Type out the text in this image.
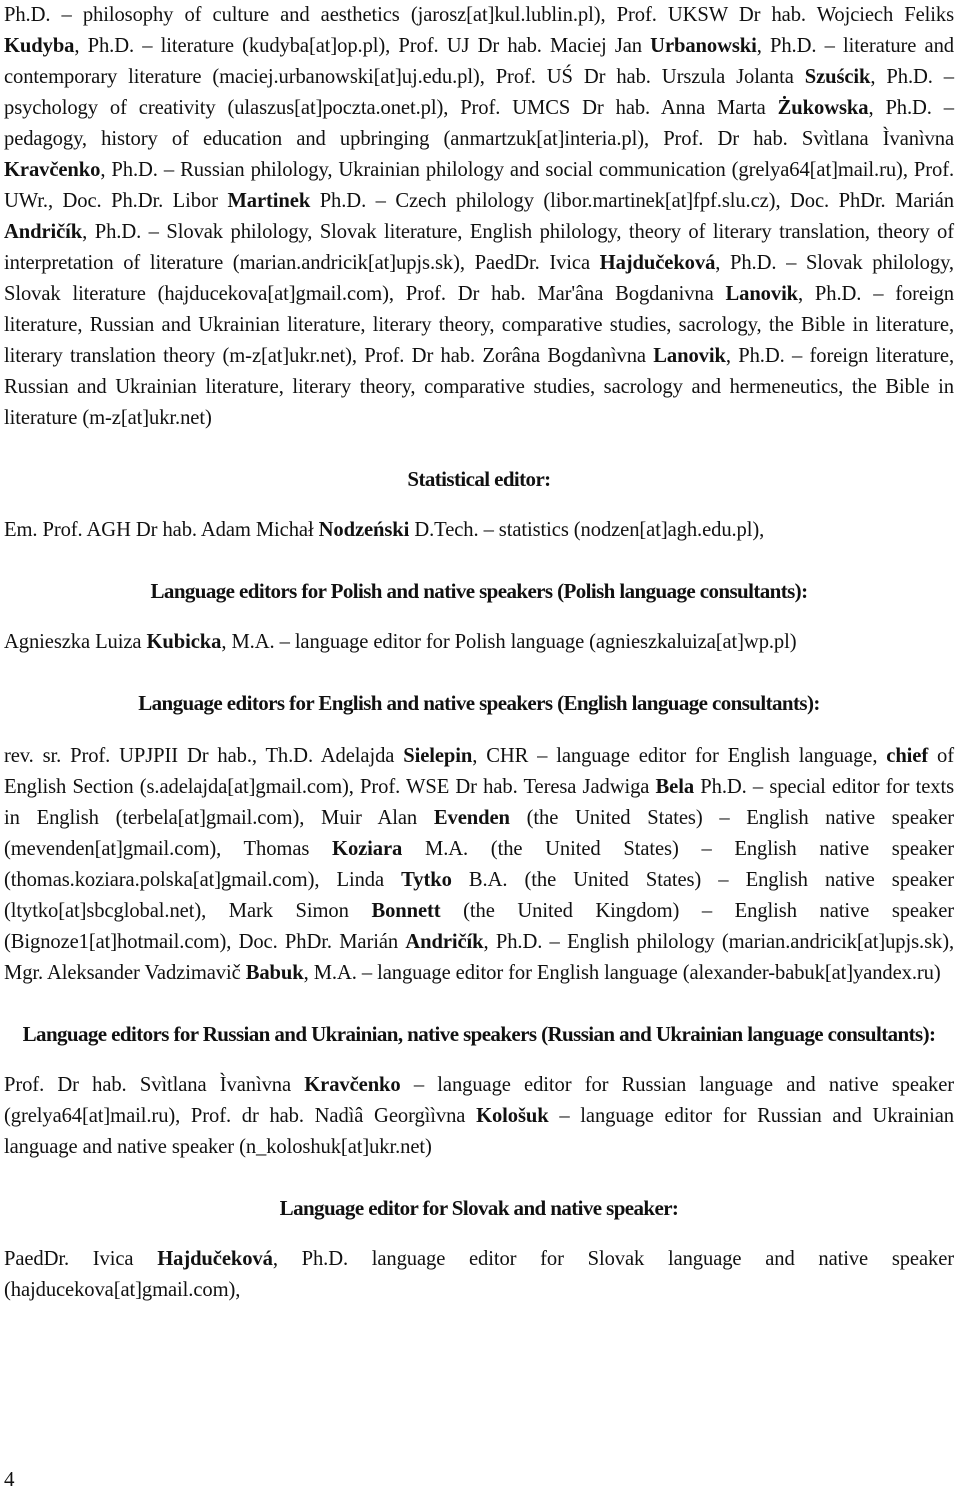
Ph.D. – philosophy of culture and aesthetics (jarosz[at]kul.lublin.pl), Prof. UKSW Dr hab. Wojciech Feliks Kudyba, Ph.D. – literature (kudyba[at]op.pl), Prof. UJ Dr hab. Maciej Jan Urbanowski, Ph.D. – literature and contemporary literature (maciej.urbanowski[at]uj.edu.pl), Prof. UŚ Dr hab. Urszula Jolanta Szuścik, Ph.D. – psychology of creativity (ulaszus[at]poczta.onet.pl), Prof. UMCS Dr hab. Anna Marta Żukowska, Ph.D. – pedagogy, history of education and upbringing (anmartzuk[at]interia.pl), Prof. Dr hab. Svìtlana Ìvanìvna Kravčenko, Ph.D. – Russian philology, Ukrainian philology and social communication (grelya64[at]mail.ru), Prof. UWr., Doc. Ph.Dr. Libor Martinek Ph.D. – Czech philology (libor.martinek[at]fpf.slu.cz), Doc. PhDr. Marián Andričík, Ph.D. – Slovak philology, Slovak literature, English philology, theory of literary translation, theory of interpretation of literature (marian.andricik[at]upjs.sk), PaedDr. Ivica Hajdučeková, Ph.D. – Slovak philology, Slovak literature (hajducekova[at]gmail.com), Prof. Dr hab. Mar'âna Bogdanivna Lanovik, Ph.D. – foreign literature, Russian and Ukrainian literature, literary theory, comparative studies, sacrology, the Bible in literature, literary translation theory (m-z[at]ukr.net), Prof. Dr hab. Zorâna Bogdanìvna Lanovik, Ph.D. – foreign literature, Russian and Ukrainian literature, literary theory, comparative studies, sacrology and hermeneutics, the Bible in literature (m-z[at]ukr.net)

Statistical editor:

Em. Prof. AGH Dr hab. Adam Michał Nodzeński D.Tech. – statistics (nodzen[at]agh.edu.pl),

Language editors for Polish and native speakers (Polish language consultants):

Agnieszka Luiza Kubicka, M.A. – language editor for Polish language (agnieszkaluiza[at]wp.pl)

Language editors for English and native speakers (English language consultants):

rev. sr. Prof. UPJPII Dr hab., Th.D. Adelajda Sielepin, CHR – language editor for English language, chief of English Section (s.adelajda[at]gmail.com), Prof. WSE Dr hab. Teresa Jadwiga Bela Ph.D. – special editor for texts in English (terbela[at]gmail.com), Muir Alan Evenden (the United States) – English native speaker (mevenden[at]gmail.com), Thomas Koziara M.A. (the United States) – English native speaker (thomas.koziara.polska[at]gmail.com), Linda Tytko B.A. (the United States) – English native speaker (ltytko[at]sbcglobal.net), Mark Simon Bonnett (the United Kingdom) – English native speaker (Bignoze1[at]hotmail.com), Doc. PhDr. Marián Andričík, Ph.D. – English philology (marian.andricik[at]upjs.sk), Mgr. Aleksander Vadzimavič Babuk, M.A. – language editor for English language (alexander-babuk[at]yandex.ru)

Language editors for Russian and Ukrainian, native speakers (Russian and Ukrainian language consultants):

Prof. Dr hab. Svìtlana Ìvanìvna Kravčenko – language editor for Russian language and native speaker (grelya64[at]mail.ru), Prof. dr hab. Nadìâ Georgììvna Kološuk – language editor for Russian and Ukrainian language and native speaker (n_koloshuk[at]ukr.net)

Language editor for Slovak and native speaker:

PaedDr. Ivica Hajdučeková, Ph.D. language editor for Slovak language and native speaker (hajducekova[at]gmail.com),

4
